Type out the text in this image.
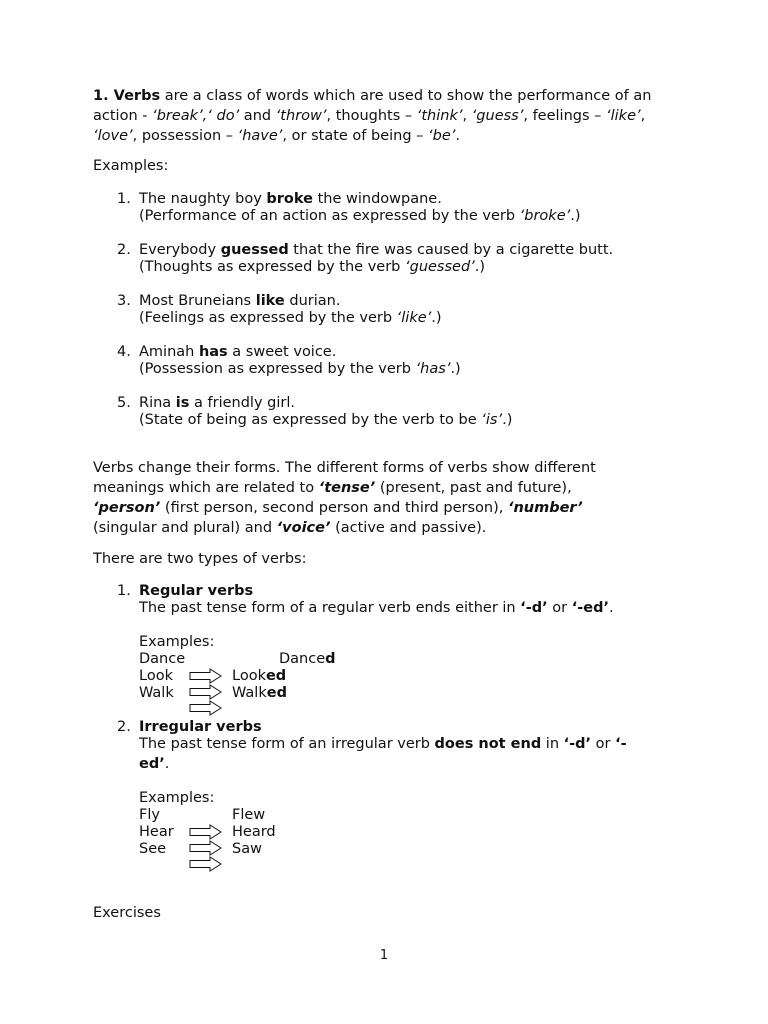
1. Verbs are a class of words which are used to show the performance of an action - ‘break’,‘ do’ and ‘throw’, thoughts – ‘think’, ‘guess’, feelings – ‘like’, ‘love’, possession – ‘have’, or state of being – ‘be’.
Examples:
1. The naughty boy broke the windowpane.
(Performance of an action as expressed by the verb ‘broke’.)
2. Everybody guessed that the fire was caused by a cigarette butt.
(Thoughts as expressed by the verb ‘guessed’.)
3. Most Bruneians like durian.
(Feelings as expressed by the verb ‘like’.)
4. Aminah has a sweet voice.
(Possession as expressed by the verb ‘has’.)
5. Rina is a friendly girl.
(State of being as expressed by the verb to be ‘is’.)
Verbs change their forms. The different forms of verbs show different meanings which are related to ‘tense’ (present, past and future), ‘person’ (first person, second person and third person), ‘number’ (singular and plural) and ‘voice’ (active and passive).
There are two types of verbs:
1. Regular verbs
The past tense form of a regular verb ends either in ‘-d’ or ‘-ed’.
Examples:
Dance	Danced
Look	Looked
Walk	Walked
2. Irregular verbs
The past tense form of an irregular verb does not end in ‘-d’ or ‘-
ed’.
Examples:
Fly	Flew
Hear	Heard
See	Saw
Exercises
1
